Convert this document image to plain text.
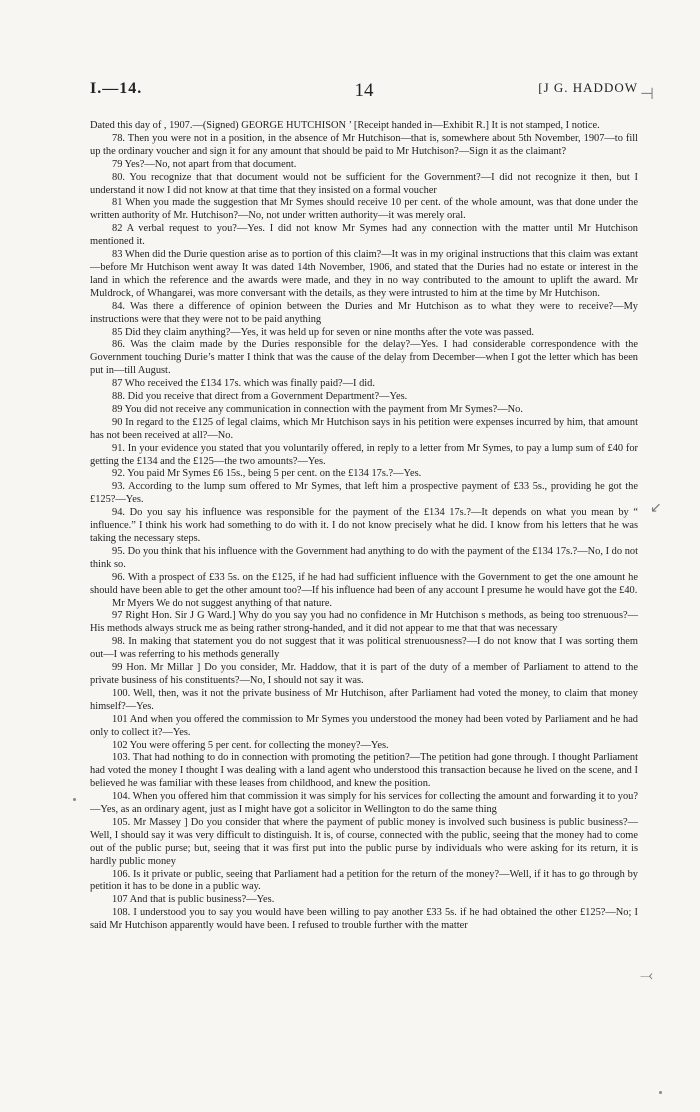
I.—14.	14	[J G. HADDOW

Dated this day of , 1907.—(Signed) GEORGE HUTCHISON ’ [Receipt handed in—Exhibit R.] It is not stamped, I notice.

78. Then you were not in a position, in the absence of Mr Hutchison—that is, somewhere about 5th November, 1907—to fill up the ordinary voucher and sign it for any amount that should be paid to Mr Hutchison?—Sign it as the claimant?

79 Yes?—No, not apart from that document.

80. You recognize that that document would not be sufficient for the Government?—I did not recognize it then, but I understand it now I did not know at that time that they insisted on a formal voucher

81 When you made the suggestion that Mr Symes should receive 10 per cent. of the whole amount, was that done under the written authority of Mr. Hutchison?—No, not under written authority—it was merely oral.

82 A verbal request to you?—Yes. I did not know Mr Symes had any connection with the matter until Mr Hutchison mentioned it.

83 When did the Durie question arise as to portion of this claim?—It was in my original instructions that this claim was extant—before Mr Hutchison went away It was dated 14th November, 1906, and stated that the Duries had no estate or interest in the land in which the reference and the awards were made, and they in no way contributed to the amount to uplift the award. Mr Muldrock, of Whangarei, was more conversant with the details, as they were intrusted to him at the time by Mr Hutchison.

84. Was there a difference of opinion between the Duries and Mr Hutchison as to what they were to receive?—My instructions were that they were not to be paid anything

85 Did they claim anything?—Yes, it was held up for seven or nine months after the vote was passed.

86. Was the claim made by the Duries responsible for the delay?—Yes. I had considerable correspondence with the Government touching Durie’s matter I think that was the cause of the delay from December—when I got the letter which has been put in—till August.

87 Who received the £134 17s. which was finally paid?—I did.

88. Did you receive that direct from a Government Department?—Yes.

89 You did not receive any communication in connection with the payment from Mr Symes?—No.

90 In regard to the £125 of legal claims, which Mr Hutchison says in his petition were expenses incurred by him, that amount has not been received at all?—No.

91. In your evidence you stated that you voluntarily offered, in reply to a letter from Mr Symes, to pay a lump sum of £40 for getting the £134 and the £125—the two amounts?—Yes.

92. You paid Mr Symes £6 15s., being 5 per cent. on the £134 17s.?—Yes.

93. According to the lump sum offered to Mr Symes, that left him a prospective payment of £33 5s., providing he got the £125?—Yes.

94. Do you say his influence was responsible for the payment of the £134 17s.?—It depends on what you mean by “ influence.” I think his work had something to do with it. I do not know precisely what he did. I know from his letters that he was taking the necessary steps.

95. Do you think that his influence with the Government had anything to do with the payment of the £134 17s.?—No, I do not think so.

96. With a prospect of £33 5s. on the £125, if he had had sufficient influence with the Government to get the one amount he should have been able to get the other amount too?—If his influence had been of any account I presume he would have got the £40.

Mr Myers We do not suggest anything of that nature.

97 Right Hon. Sir J G Ward.] Why do you say you had no confidence in Mr Hutchison s methods, as being too strenuous?—His methods always struck me as being rather strong-handed, and it did not appear to me that that was necessary

98. In making that statement you do not suggest that it was political strenuousness?—I do not know that I was sorting them out—I was referring to his methods generally

99 Hon. Mr Millar ] Do you consider, Mr. Haddow, that it is part of the duty of a member of Parliament to attend to the private business of his constituents?—No, I should not say it was.

100. Well, then, was it not the private business of Mr Hutchison, after Parliament had voted the money, to claim that money himself?—Yes.

101 And when you offered the commission to Mr Symes you understood the money had been voted by Parliament and he had only to collect it?—Yes.

102 You were offering 5 per cent. for collecting the money?—Yes.

103. That had nothing to do in connection with promoting the petition?—The petition had gone through. I thought Parliament had voted the money I thought I was dealing with a land agent who understood this transaction because he lived on the scene, and I believed he was familiar with these leases from childhood, and knew the position.

104. When you offered him that commission it was simply for his services for collecting the amount and forwarding it to you?—Yes, as an ordinary agent, just as I might have got a solicitor in Wellington to do the same thing

105. Mr Massey ] Do you consider that where the payment of public money is involved such business is public business?—Well, I should say it was very difficult to distinguish. It is, of course, connected with the public, seeing that the money had to come out of the public purse; but, seeing that it was first put into the public purse by individuals who were asking for its return, it is hardly public money

106. Is it private or public, seeing that Parliament had a petition for the return of the money?—Well, if it has to go through by petition it has to be done in a public way.

107 And that is public business?—Yes.

108. I understood you to say you would have been willing to pay another £33 5s. if he had obtained the other £125?—No; I said Mr Hutchison apparently would have been. I refused to trouble further with the matter

⊣
↙
⤙
